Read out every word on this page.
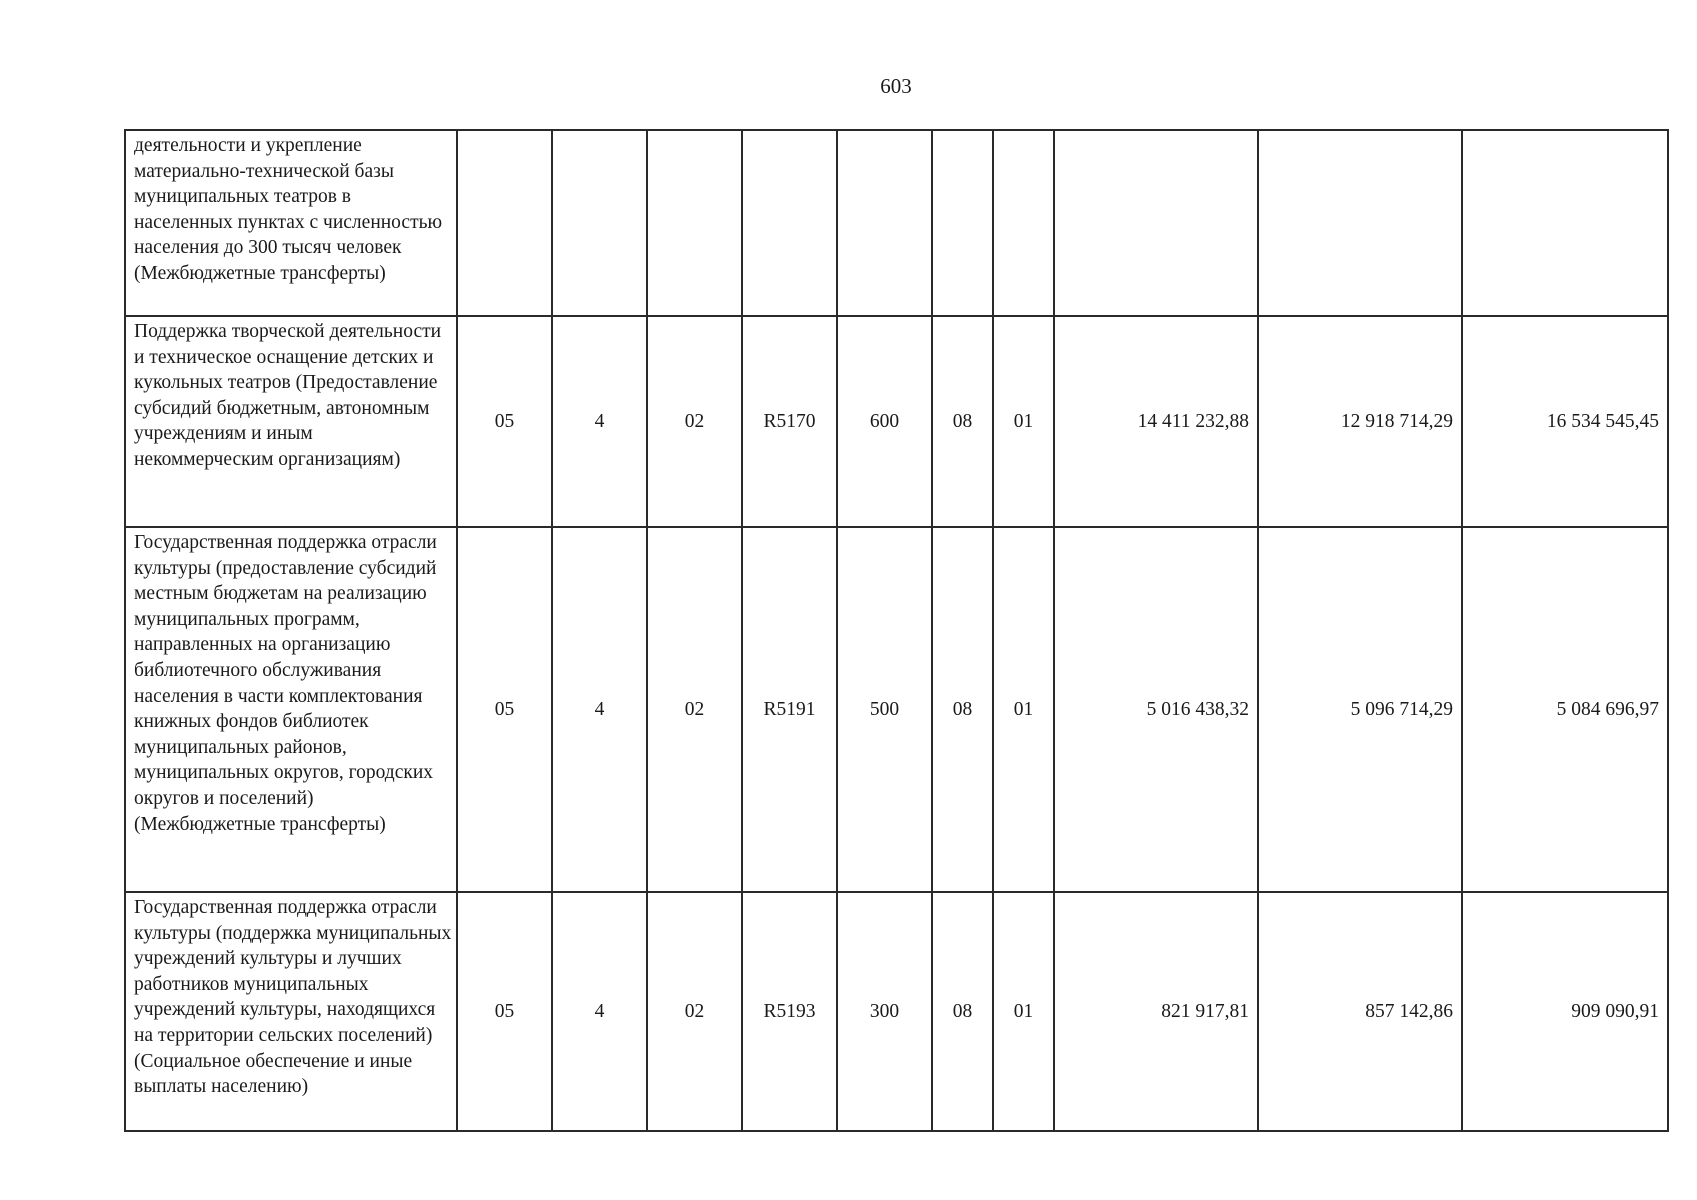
603
деятельности и укрепление материально-технической базы муниципальных театров в населенных пунктах с численностью населения до 300 тысяч человек (Межбюджетные трансферты)										
Поддержка творческой деятельности и техническое оснащение детских и кукольных театров (Предоставление субсидий бюджетным, автономным учреждениям и иным некоммерческим организациям)	05	4	02	R5170	600	08	01	14 411 232,88	12 918 714,29	16 534 545,45
Государственная поддержка отрасли культуры (предоставление субсидий местным бюджетам на реализацию муниципальных программ, направленных на организацию библиотечного обслуживания населения в части комплектования книжных фондов библиотек муниципальных районов, муниципальных округов, городских округов и поселений) (Межбюджетные трансферты)	05	4	02	R5191	500	08	01	5 016 438,32	5 096 714,29	5 084 696,97
Государственная поддержка отрасли культуры (поддержка муниципальных учреждений культуры и лучших работников муниципальных учреждений культуры, находящихся на территории сельских поселений) (Социальное обеспечение и иные выплаты населению)	05	4	02	R5193	300	08	01	821 917,81	857 142,86	909 090,91
